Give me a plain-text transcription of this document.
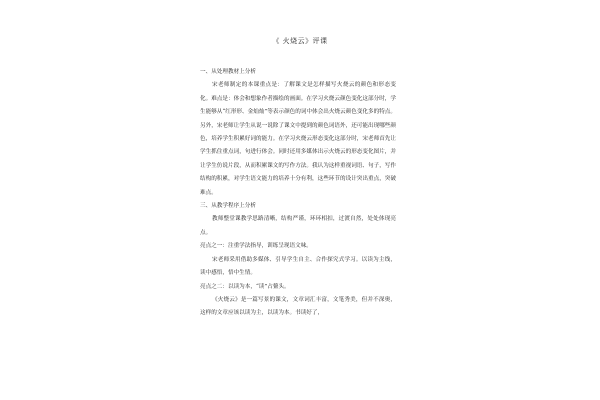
《 火烧云》评课

一、从处理教材上分析

宋老师制定的本课重点是：了解课文是怎样描写火烧云的颜色和形态变化。难点是：体会和想象作者描绘的画面。在学习火烧云颜色变化这部分时，学生能够从“红形形、金灿灿”等表示颜色的词中体会出火烧云颜色变化多的特点。另外，宋老师让学生从说一说除了课文中提到的颜色词语外，还可能出现哪些颜色，培养学生积累好词的能力。在学习火烧云形态变化这部分时，宋老师首先让学生抓住重点词，句进行体会。同时还用多媒体出示火烧云的形态变化图片，并让学生仿说片段，从而积累课文的写作方法。我认为这样重视词语、句子，写作结构的积累，对学生语文能力的培养十分有利，这些环节的设计突出重点，突破难点。

三、从教学程序上分析

教师整堂课教学思路清晰，结构严谨，环环相扣，过渡自然，处处体现亮点。

亮点之一：注重学法指导，训练呈现语文味。

宋老师采用借助多媒体、引导学生自主、合作探究式学习。以读为主线，读中感悟，悟中生情。

亮点之二：以读为本，“读”占鳌头。

《火烧云》是一篇写景的课文，文章词汇丰富，文笔秀美，但并不深奥，这样的文章应该以读为主，以读为本。书读好了，
